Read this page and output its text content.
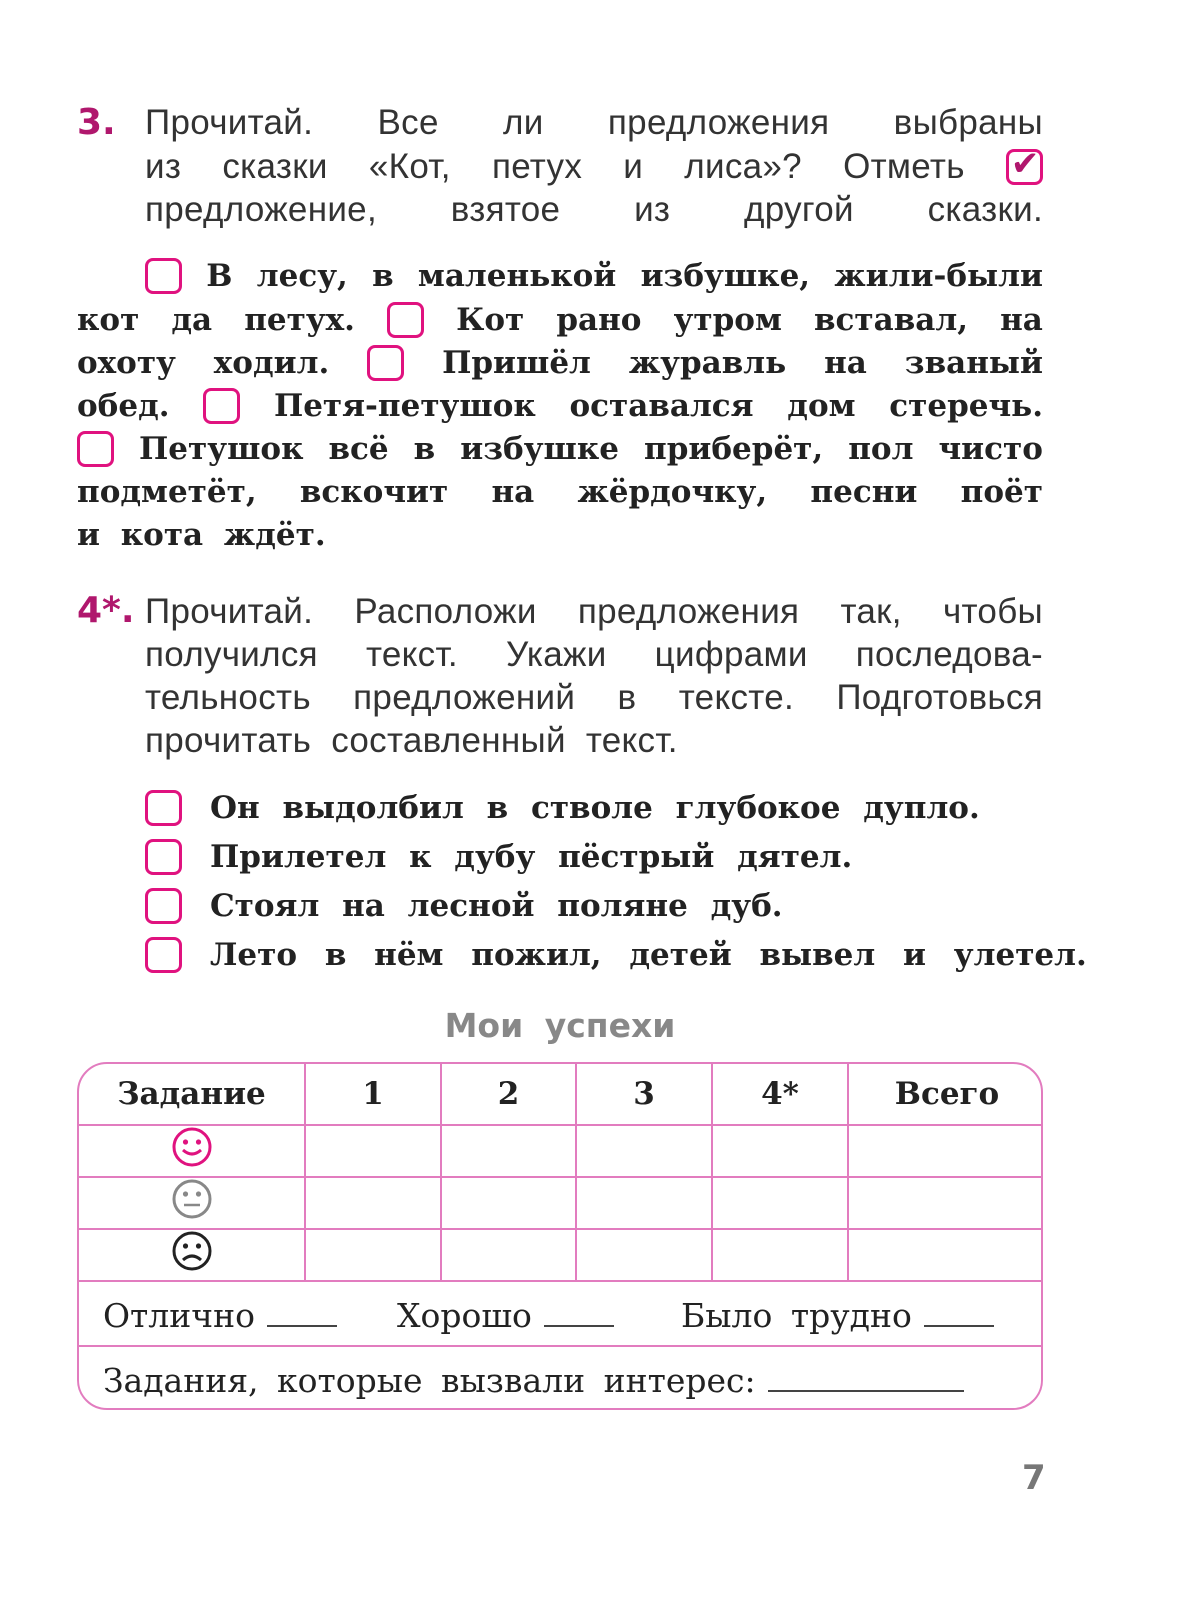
3. Прочитай. Все ли предложения выбраны
из сказки «Кот, петух и лиса»? Отметь ✔
предложение, взятое из другой сказки.
В лесу, в маленькой избушке, жили-были
кот да петух.	Кот рано утром вставал, на
охоту ходил.	Пришёл журавль на званый
обед.	Петя-петушок оставался дом стеречь.
Петушок всё в избушке приберёт, пол чисто
подметёт, вскочит на жёрдочку, песни поёт
и кота ждёт.
4*. Прочитай. Расположи предложения так, чтобы
получился текст. Укажи цифрами последова-
тельность предложений в тексте. Подготовься
прочитать составленный текст.
Он выдолбил в стволе глубокое дупло.
Прилетел к дубу пёстрый дятел.
Стоял на лесной поляне дуб.
Лето в нём пожил, детей вывел и улетел.
Мои успехи
Задание	1	2	3	4*	Всего
Отлично	Хорошо	Было трудно
Задания, которые вызвали интерес:
7
